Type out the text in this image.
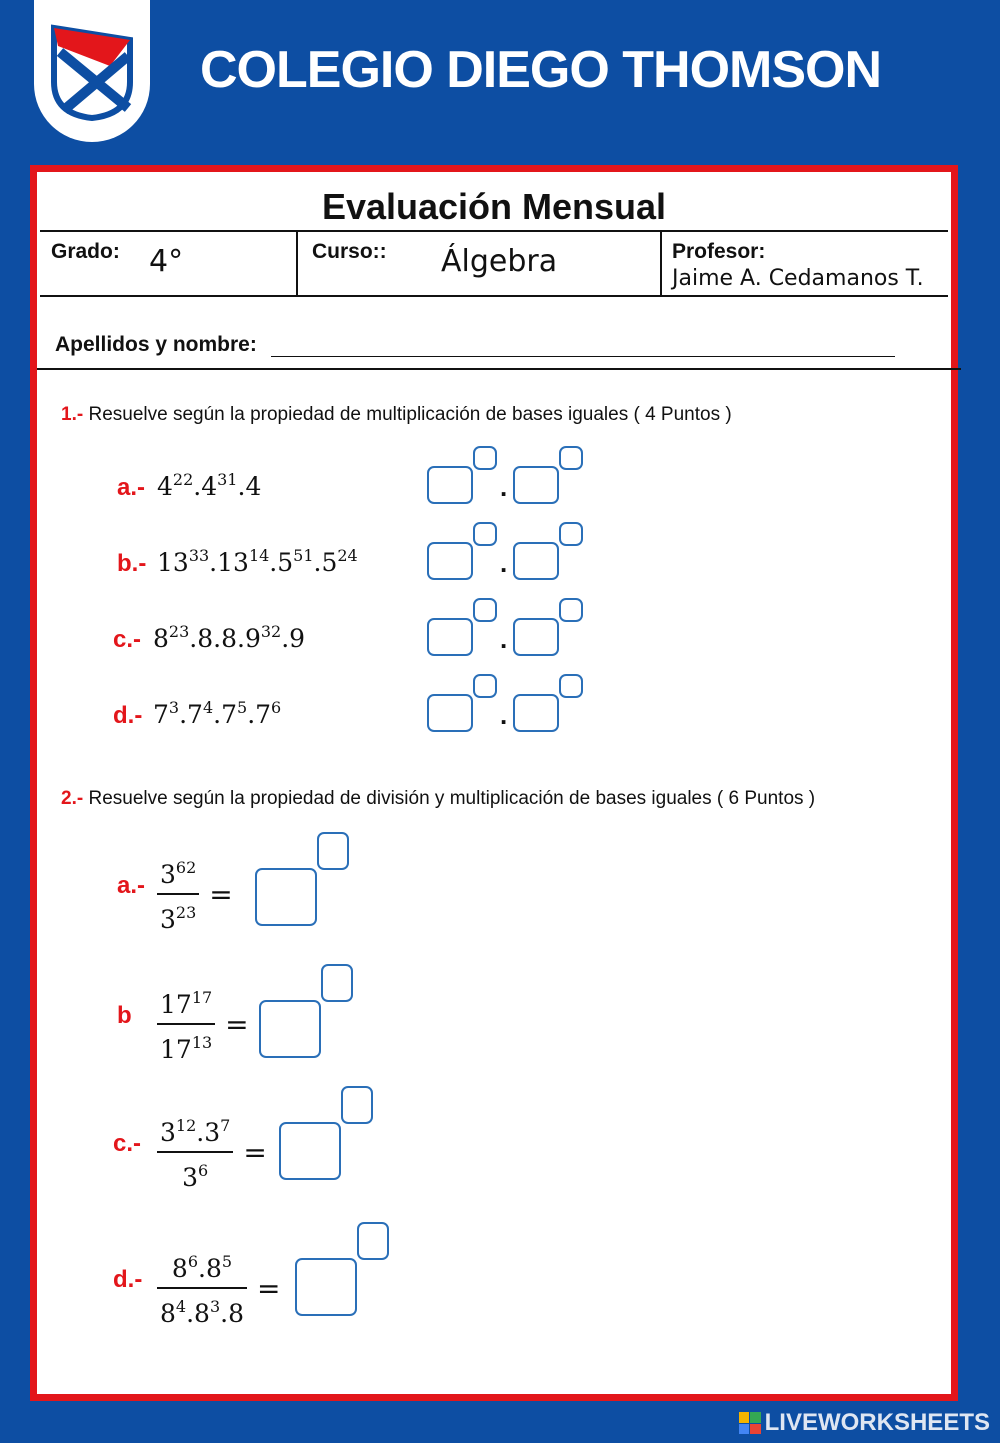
COLEGIO DIEGO THOMSON
Evaluación Mensual
Grado: 4°	Curso:: Álgebra	Profesor:
Jaime A. Cedamanos T.
Apellidos y nombre:
1.- Resuelve según la propiedad de multiplicación de bases iguales ( 4 Puntos )
2.- Resuelve según la propiedad de división y multiplicación de bases iguales ( 6 Puntos )
a.- $4^{22}.4^{31}.4$	.
b.- $13^{33}.13^{14}.5^{51}.5^{24}$	.
c.- $8^{23}.8.8.9^{32}.9$	.
d.- $7^3.7^4.7^5.7^6$	.
$a.- \frac{3^{62}}{3^{23}}$ =
b $\frac{17^{17}}{17^{13}}$ =
$c.- \frac{3^{12}.3^7}{3^6}$ =
$d.- \frac{8^6.8^5}{8^4.8^3.8}$ =
LIVEWORKSHEETS
